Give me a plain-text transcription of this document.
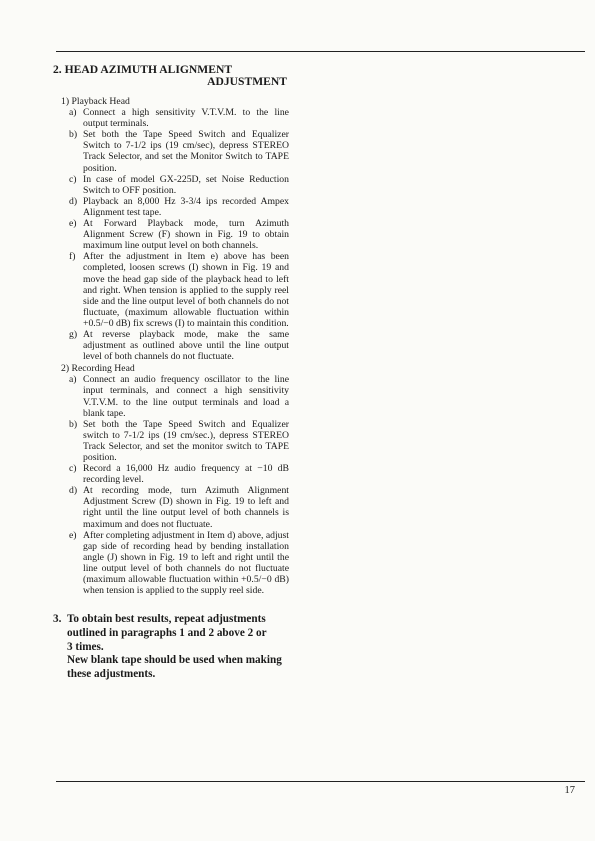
2. HEAD AZIMUTH ALIGNMENT
ADJUSTMENT
1) Playback Head
a) Connect a high sensitivity V.T.V.M. to the line output terminals.
b) Set both the Tape Speed Switch and Equalizer Switch to 7-1/2 ips (19 cm/sec), depress STEREO Track Selector, and set the Monitor Switch to TAPE position.
c) In case of model GX-225D, set Noise Reduction Switch to OFF position.
d) Playback an 8,000 Hz 3-3/4 ips recorded Ampex Alignment test tape.
e) At Forward Playback mode, turn Azimuth Alignment Screw (F) shown in Fig. 19 to obtain maximum line output level on both channels.
f) After the adjustment in Item e) above has been completed, loosen screws (I) shown in Fig. 19 and move the head gap side of the playback head to left and right. When tension is applied to the supply reel side and the line output level of both channels do not fluctuate, (maximum allowable fluctuation within +0.5/−0 dB) fix screws (I) to maintain this condition.
g) At reverse playback mode, make the same adjustment as outlined above until the line output level of both channels do not fluctuate.
2) Recording Head
a) Connect an audio frequency oscillator to the line input terminals, and connect a high sensitivity V.T.V.M. to the line output terminals and load a blank tape.
b) Set both the Tape Speed Switch and Equalizer switch to 7-1/2 ips (19 cm/sec.), depress STEREO Track Selector, and set the monitor switch to TAPE position.
c) Record a 16,000 Hz audio frequency at −10 dB recording level.
d) At recording mode, turn Azimuth Alignment Adjustment Screw (D) shown in Fig. 19 to left and right until the line output level of both channels is maximum and does not fluctuate.
e) After completing adjustment in Item d) above, adjust gap side of recording head by bending installation angle (J) shown in Fig. 19 to left and right until the line output level of both channels do not fluctuate (maximum allowable fluctuation within +0.5/−0 dB) when tension is applied to the supply reel side.
3. To obtain best results, repeat adjustments
outlined in paragraphs 1 and 2 above 2 or
3 times.
New blank tape should be used when making
these adjustments.
17
